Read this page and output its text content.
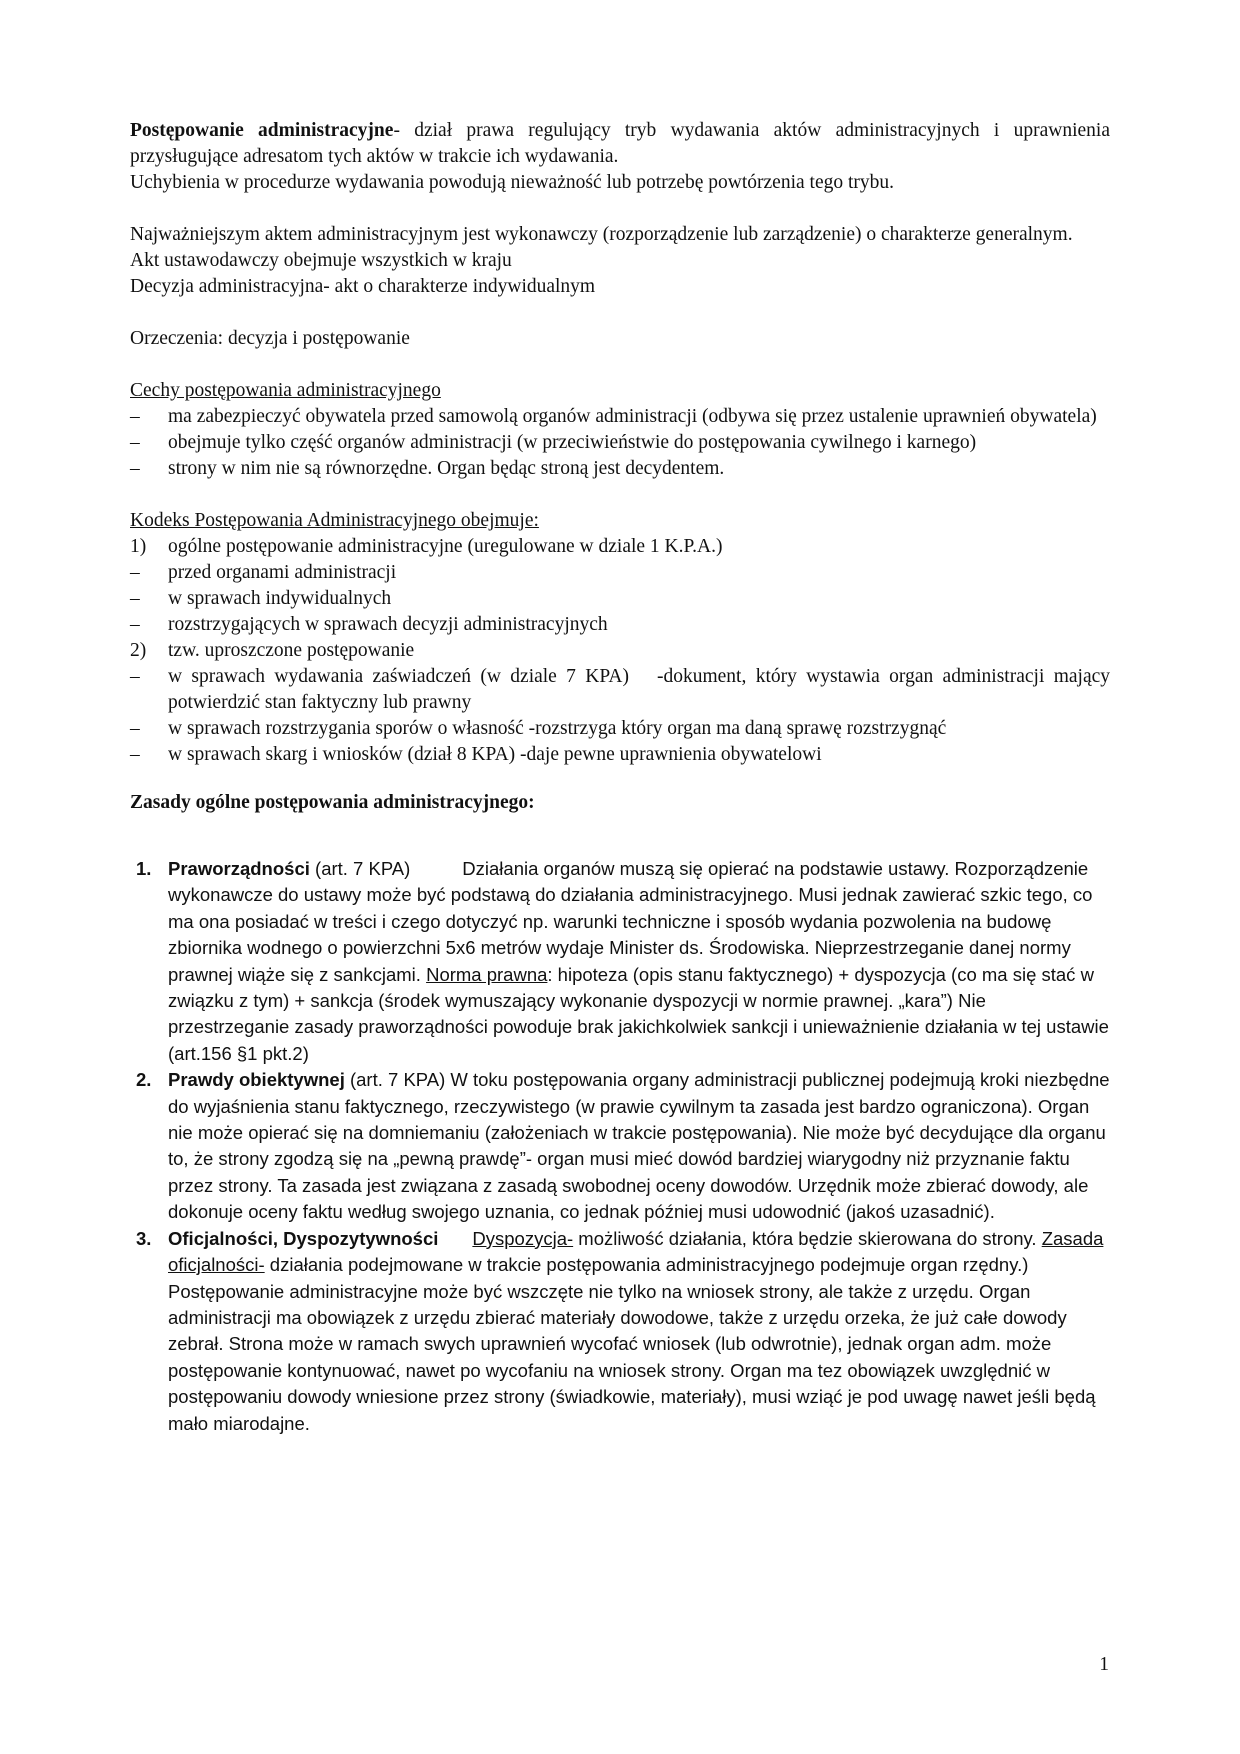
Postępowanie administracyjne- dział prawa regulujący tryb wydawania aktów administracyjnych i uprawnienia przysługujące adresatom tych aktów w trakcie ich wydawania.

Uchybienia w procedurze wydawania powodują nieważność lub potrzebę powtórzenia tego trybu.

Najważniejszym aktem administracyjnym jest wykonawczy (rozporządzenie lub zarządzenie) o charakterze generalnym.

Akt ustawodawczy obejmuje wszystkich w kraju

Decyzja administracyjna- akt o charakterze indywidualnym

Orzeczenia: decyzja i postępowanie

Cechy postępowania administracyjnego

– ma zabezpieczyć obywatela przed samowolą organów administracji (odbywa się przez ustalenie uprawnień obywatela)
– obejmuje tylko część organów administracji (w przeciwieństwie do postępowania cywilnego i karnego)
– strony w nim nie są równorzędne. Organ będąc stroną jest decydentem.

Kodeks Postępowania Administracyjnego obejmuje:

1) ogólne postępowanie administracyjne (uregulowane w dziale 1 K.P.A.)
– przed organami administracji
– w sprawach indywidualnych
– rozstrzygających w sprawach decyzji administracyjnych
2) tzw. uproszczone postępowanie
– w sprawach wydawania zaświadczeń (w dziale 7 KPA)   -dokument, który wystawia organ administracji mający potwierdzić stan faktyczny lub prawny
– w sprawach rozstrzygania sporów o własność -rozstrzyga który organ ma daną sprawę rozstrzygnąć
– w sprawach skarg i wniosków (dział 8 KPA) -daje pewne uprawnienia obywatelowi

Zasady ogólne postępowania administracyjnego:

1. Praworządności (art. 7 KPA)	Działania organów muszą się opierać na podstawie ustawy. Rozporządzenie wykonawcze do ustawy może być podstawą do działania administracyjnego. Musi jednak zawierać szkic tego, co ma ona posiadać w treści i czego dotyczyć np. warunki techniczne i sposób wydania pozwolenia na budowę zbiornika wodnego o powierzchni 5x6 metrów wydaje Minister ds. Środowiska. Nieprzestrzeganie danej normy prawnej wiąże się z sankcjami. Norma prawna: hipoteza (opis stanu faktycznego) + dyspozycja (co ma się stać w związku z tym) + sankcja (środek wymuszający wykonanie dyspozycji w normie prawnej. „kara”) Nie przestrzeganie zasady praworządności powoduje brak jakichkolwiek sankcji i unieważnienie działania w tej ustawie (art.156 §1 pkt.2)
2. Prawdy obiektywnej (art. 7 KPA) W toku postępowania organy administracji publicznej podejmują kroki niezbędne do wyjaśnienia stanu faktycznego, rzeczywistego (w prawie cywilnym ta zasada jest bardzo ograniczona). Organ nie może opierać się na domniemaniu (założeniach w trakcie postępowania). Nie może być decydujące dla organu to, że strony zgodzą się na „pewną prawdę”- organ musi mieć dowód bardziej wiarygodny niż przyznanie faktu przez strony. Ta zasada jest związana z zasadą swobodnej oceny dowodów. Urzędnik może zbierać dowody, ale dokonuje oceny faktu według swojego uznania, co jednak później musi udowodnić (jakoś uzasadnić).
3. Oficjalności, Dyspozytywności Dyspozycja- możliwość działania, która będzie skierowana do strony. Zasada oficjalności- działania podejmowane w trakcie postępowania administracyjnego podejmuje organ rzędny.) Postępowanie administracyjne może być wszczęte nie tylko na wniosek strony, ale także z urzędu. Organ administracji ma obowiązek z urzędu zbierać materiały dowodowe, także z urzędu orzeka, że już całe dowody zebrał. Strona może w ramach swych uprawnień wycofać wniosek (lub odwrotnie), jednak organ adm. może postępowanie kontynuować, nawet po wycofaniu na wniosek strony. Organ ma tez obowiązek uwzględnić w postępowaniu dowody wniesione przez strony (świadkowie, materiały), musi wziąć je pod uwagę nawet jeśli będą mało miarodajne.
1
